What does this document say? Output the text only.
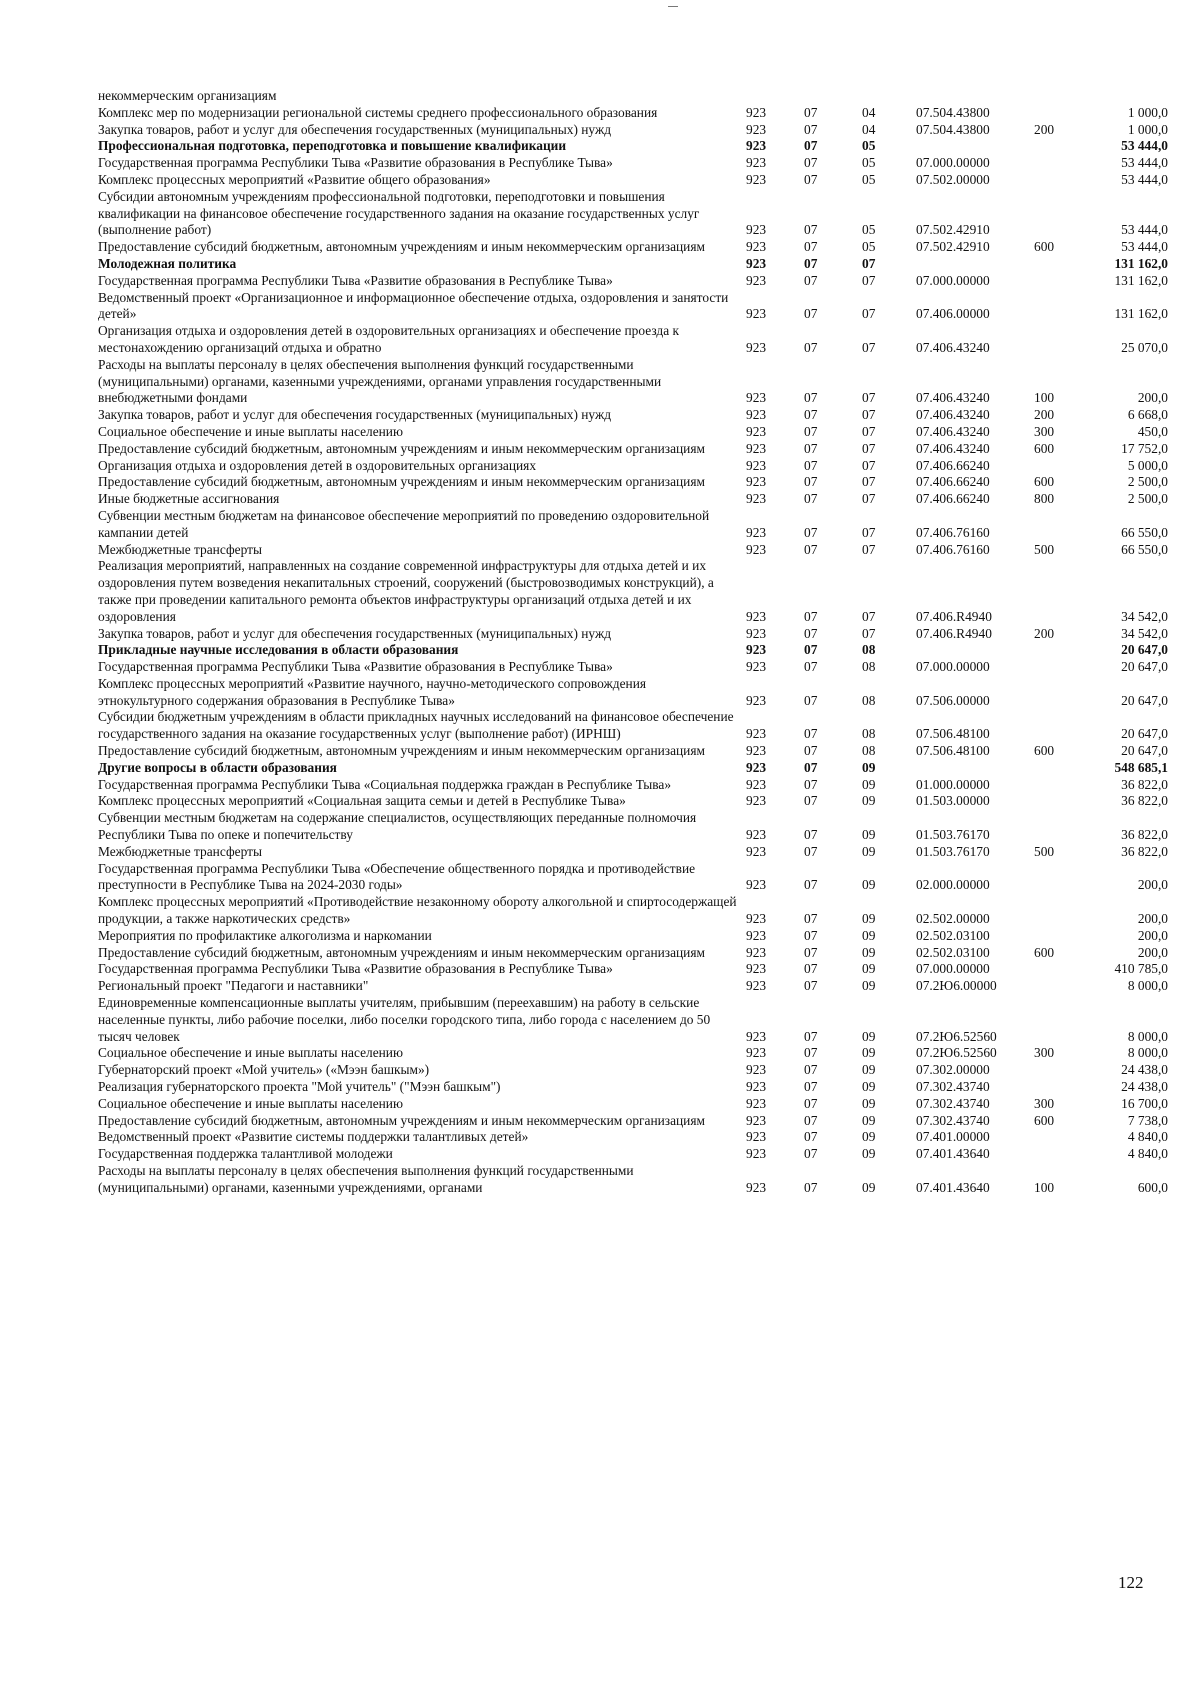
некоммерческим организациям						
Комплекс мер по модернизации региональной системы среднего профессионального образования	923	07	04	07.504.43800		1 000,0
Закупка товаров, работ и услуг для обеспечения государственных (муниципальных) нужд	923	07	04	07.504.43800	200	1 000,0
Профессиональная подготовка, переподготовка и повышение квалификации	923	07	05			53 444,0
Государственная программа Республики Тыва «Развитие образования в Республике Тыва»	923	07	05	07.000.00000		53 444,0
Комплекс процессных мероприятий «Развитие общего образования»	923	07	05	07.502.00000		53 444,0
Субсидии автономным учреждениям профессиональной подготовки, переподготовки и повышения квалификации на финансовое обеспечение государственного задания на оказание государственных услуг (выполнение работ)	923	07	05	07.502.42910		53 444,0
Предоставление субсидий бюджетным, автономным учреждениям и иным некоммерческим организациям	923	07	05	07.502.42910	600	53 444,0
Молодежная политика	923	07	07			131 162,0
Государственная программа Республики Тыва «Развитие образования в Республике Тыва»	923	07	07	07.000.00000		131 162,0
Ведомственный проект «Организационное и информационное обеспечение отдыха, оздоровления и занятости детей»	923	07	07	07.406.00000		131 162,0
Организация отдыха и оздоровления детей в оздоровительных организациях и обеспечение проезда к местонахождению организаций отдыха и обратно	923	07	07	07.406.43240		25 070,0
Расходы на выплаты персоналу в целях обеспечения выполнения функций государственными (муниципальными) органами, казенными учреждениями, органами управления государственными внебюджетными фондами	923	07	07	07.406.43240	100	200,0
Закупка товаров, работ и услуг для обеспечения государственных (муниципальных) нужд	923	07	07	07.406.43240	200	6 668,0
Социальное обеспечение и иные выплаты населению	923	07	07	07.406.43240	300	450,0
Предоставление субсидий бюджетным, автономным учреждениям и иным некоммерческим организациям	923	07	07	07.406.43240	600	17 752,0
Организация отдыха и оздоровления детей в оздоровительных организациях	923	07	07	07.406.66240		5 000,0
Предоставление субсидий бюджетным, автономным учреждениям и иным некоммерческим организациям	923	07	07	07.406.66240	600	2 500,0
Иные бюджетные ассигнования	923	07	07	07.406.66240	800	2 500,0
Субвенции местным бюджетам на финансовое обеспечение мероприятий по проведению оздоровительной кампании детей	923	07	07	07.406.76160		66 550,0
Межбюджетные трансферты	923	07	07	07.406.76160	500	66 550,0
Реализация мероприятий, направленных на создание современной инфраструктуры для отдыха детей и их оздоровления путем возведения некапитальных строений, сооружений (быстровозводимых конструкций), а также при проведении капитального ремонта объектов инфраструктуры организаций отдыха детей и их оздоровления	923	07	07	07.406.R4940		34 542,0
Закупка товаров, работ и услуг для обеспечения государственных (муниципальных) нужд	923	07	07	07.406.R4940	200	34 542,0
Прикладные научные исследования в области образования	923	07	08			20 647,0
Государственная программа Республики Тыва «Развитие образования в Республике Тыва»	923	07	08	07.000.00000		20 647,0
Комплекс процессных мероприятий «Развитие научного, научно-методического сопровождения этнокультурного содержания образования в Республике Тыва»	923	07	08	07.506.00000		20 647,0
Субсидии бюджетным учреждениям в области прикладных научных исследований на финансовое обеспечение государственного задания на оказание государственных услуг (выполнение работ) (ИРНШ)	923	07	08	07.506.48100		20 647,0
Предоставление субсидий бюджетным, автономным учреждениям и иным некоммерческим организациям	923	07	08	07.506.48100	600	20 647,0
Другие вопросы в области образования	923	07	09			548 685,1
Государственная программа Республики Тыва «Социальная поддержка граждан в Республике Тыва»	923	07	09	01.000.00000		36 822,0
Комплекс процессных мероприятий «Социальная защита семьи и детей в Республике Тыва»	923	07	09	01.503.00000		36 822,0
Субвенции местным бюджетам на содержание специалистов, осуществляющих переданные полномочия Республики Тыва по опеке и попечительству	923	07	09	01.503.76170		36 822,0
Межбюджетные трансферты	923	07	09	01.503.76170	500	36 822,0
Государственная программа Республики Тыва «Обеспечение общественного порядка и противодействие преступности в Республике Тыва на 2024-2030 годы»	923	07	09	02.000.00000		200,0
Комплекс процессных мероприятий «Противодействие незаконному обороту алкогольной и спиртосодержащей продукции, а также наркотических средств»	923	07	09	02.502.00000		200,0
Мероприятия по профилактике алкоголизма и наркомании	923	07	09	02.502.03100		200,0
Предоставление субсидий бюджетным, автономным учреждениям и иным некоммерческим организациям	923	07	09	02.502.03100	600	200,0
Государственная программа Республики Тыва «Развитие образования в Республике Тыва»	923	07	09	07.000.00000		410 785,0
Региональный проект "Педагоги и наставники"	923	07	09	07.2Ю6.00000		8 000,0
Единовременные компенсационные выплаты учителям, прибывшим (переехавшим) на работу в сельские населенные пункты, либо рабочие поселки, либо поселки городского типа, либо города с населением до 50 тысяч человек	923	07	09	07.2Ю6.52560		8 000,0
Социальное обеспечение и иные выплаты населению	923	07	09	07.2Ю6.52560	300	8 000,0
Губернаторский проект «Мой учитель» («Мээн башкым»)	923	07	09	07.302.00000		24 438,0
Реализация губернаторского проекта "Мой учитель" ("Мээн башкым")	923	07	09	07.302.43740		24 438,0
Социальное обеспечение и иные выплаты населению	923	07	09	07.302.43740	300	16 700,0
Предоставление субсидий бюджетным, автономным учреждениям и иным некоммерческим организациям	923	07	09	07.302.43740	600	7 738,0
Ведомственный проект «Развитие системы поддержки талантливых детей»	923	07	09	07.401.00000		4 840,0
Государственная поддержка талантливой молодежи	923	07	09	07.401.43640		4 840,0
Расходы на выплаты персоналу в целях обеспечения выполнения функций государственными (муниципальными) органами, казенными учреждениями, органами	923	07	09	07.401.43640	100	600,0
122
